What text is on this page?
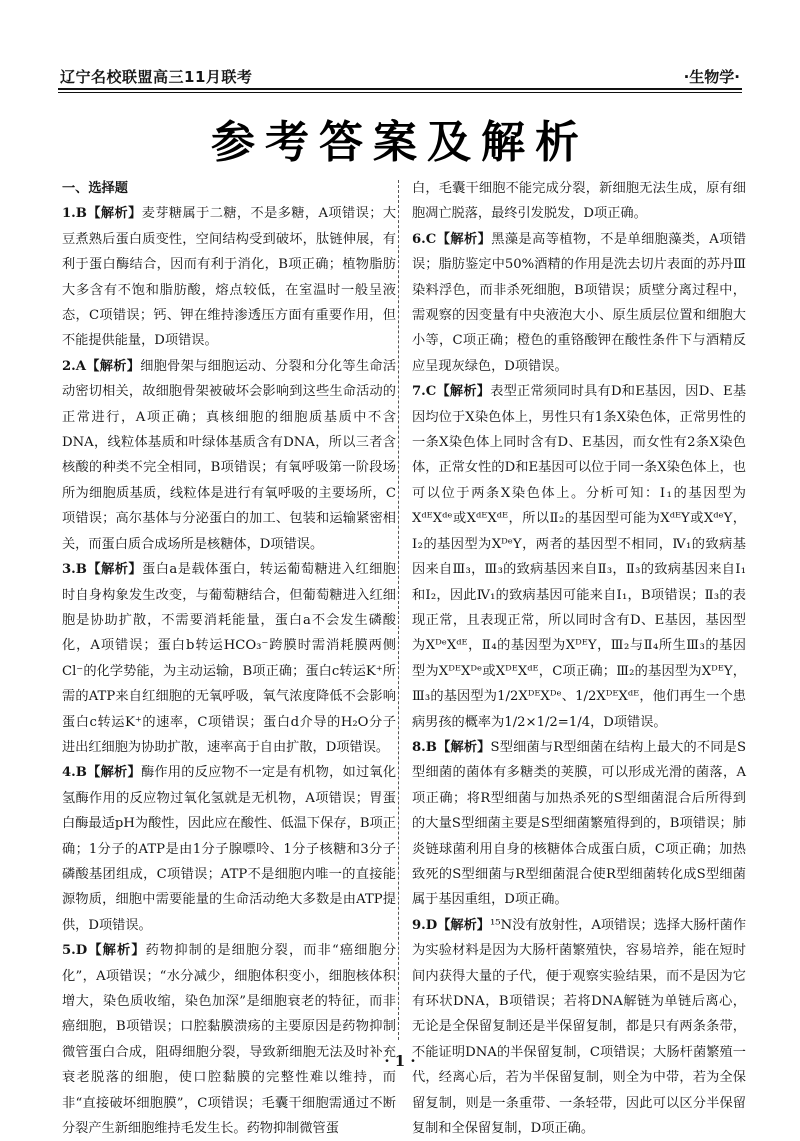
辽宁名校联盟高三11月联考	·生物学·
参考答案及解析
一、选择题

1.B【解析】麦芽糖属于二糖，不是多糖，A项错误；大豆煮熟后蛋白质变性，空间结构受到破坏，肽链伸展，有利于蛋白酶结合，因而有利于消化，B项正确；植物脂肪大多含有不饱和脂肪酸，熔点较低，在室温时一般呈液态，C项错误；钙、钾在维持渗透压方面有重要作用，但不能提供能量，D项错误。

2.A【解析】细胞骨架与细胞运动、分裂和分化等生命活动密切相关，故细胞骨架被破坏会影响到这些生命活动的正常进行，A项正确；真核细胞的细胞质基质中不含DNA，线粒体基质和叶绿体基质含有DNA，所以三者含核酸的种类不完全相同，B项错误；有氧呼吸第一阶段场所为细胞质基质，线粒体是进行有氧呼吸的主要场所，C项错误；高尔基体与分泌蛋白的加工、包装和运输紧密相关，而蛋白质合成场所是核糖体，D项错误。

3.B【解析】蛋白a是载体蛋白，转运葡萄糖进入红细胞时自身构象发生改变，与葡萄糖结合，但葡萄糖进入红细胞是协助扩散，不需要消耗能量，蛋白a不会发生磷酸化，A项错误；蛋白b转运HCO₃⁻跨膜时需消耗膜两侧Cl⁻的化学势能，为主动运输，B项正确；蛋白c转运K⁺所需的ATP来自红细胞的无氧呼吸，氧气浓度降低不会影响蛋白c转运K⁺的速率，C项错误；蛋白d介导的H₂O分子进出红细胞为协助扩散，速率高于自由扩散，D项错误。

4.B【解析】酶作用的反应物不一定是有机物，如过氧化氢酶作用的反应物过氧化氢就是无机物，A项错误；胃蛋白酶最适pH为酸性，因此应在酸性、低温下保存，B项正确；1分子的ATP是由1分子腺嘌呤、1分子核糖和3分子磷酸基团组成，C项错误；ATP不是细胞内唯一的直接能源物质，细胞中需要能量的生命活动绝大多数是由ATP提供，D项错误。

5.D【解析】药物抑制的是细胞分裂，而非“癌细胞分化”，A项错误；“水分减少，细胞体积变小，细胞核体积增大，染色质收缩，染色加深”是细胞衰老的特征，而非癌细胞，B项错误；口腔黏膜溃疡的主要原因是药物抑制微管蛋白合成，阻碍细胞分裂，导致新细胞无法及时补充衰老脱落的细胞，使口腔黏膜的完整性难以维持，而非“直接破坏细胞膜”，C项错误；毛囊干细胞需通过不断分裂产生新细胞维持毛发生长。药物抑制微管蛋

白，毛囊干细胞不能完成分裂，新细胞无法生成，原有细胞凋亡脱落，最终引发脱发，D项正确。

6.C【解析】黑藻是高等植物，不是单细胞藻类，A项错误；脂肪鉴定中50%酒精的作用是洗去切片表面的苏丹Ⅲ染料浮色，而非杀死细胞，B项错误；质壁分离过程中，需观察的因变量有中央液泡大小、原生质层位置和细胞大小等，C项正确；橙色的重铬酸钾在酸性条件下与酒精反应呈现灰绿色，D项错误。

7.C【解析】表型正常须同时具有D和E基因，因D、E基因均位于X染色体上，男性只有1条X染色体，正常男性的一条X染色体上同时含有D、E基因，而女性有2条X染色体，正常女性的D和E基因可以位于同一条X染色体上，也可以位于两条X染色体上。分析可知：Ⅰ₁的基因型为XᵈᴱXᵈᵉ或XᵈᴱXᵈᴱ，所以Ⅱ₂的基因型可能为XᵈᴱY或XᵈᵉY，Ⅰ₂的基因型为XᴰᵉY，两者的基因型不相同，Ⅳ₁的致病基因来自Ⅲ₃，Ⅲ₃的致病基因来自Ⅱ₃，Ⅱ₃的致病基因来自Ⅰ₁和Ⅰ₂，因此Ⅳ₁的致病基因可能来自Ⅰ₁，B项错误；Ⅱ₃的表现正常，且表现正常，所以同时含有D、E基因，基因型为XᴰᵉXᵈᴱ，Ⅱ₄的基因型为XᴰᴱY，Ⅲ₂与Ⅱ₄所生Ⅲ₃的基因型为XᴰᴱXᴰᵉ或XᴰᴱXᵈᴱ，C项正确；Ⅲ₂的基因型为XᴰᴱY，Ⅲ₃的基因型为1/2XᴰᴱXᴰᵉ、1/2XᴰᴱXᵈᴱ，他们再生一个患病男孩的概率为1/2×1/2=1/4，D项错误。

8.B【解析】S型细菌与R型细菌在结构上最大的不同是S型细菌的菌体有多糖类的荚膜，可以形成光滑的菌落，A项正确；将R型细菌与加热杀死的S型细菌混合后所得到的大量S型细菌主要是S型细菌繁殖得到的，B项错误；肺炎链球菌利用自身的核糖体合成蛋白质，C项正确；加热致死的S型细菌与R型细菌混合使R型细菌转化成S型细菌属于基因重组，D项正确。

9.D【解析】¹⁵N没有放射性，A项错误；选择大肠杆菌作为实验材料是因为大肠杆菌繁殖快，容易培养，能在短时间内获得大量的子代，便于观察实验结果，而不是因为它有环状DNA，B项错误；若将DNA解链为单链后离心，无论是全保留复制还是半保留复制，都是只有两条条带，不能证明DNA的半保留复制，C项错误；大肠杆菌繁殖一代，经离心后，若为半保留复制，则全为中带，若为全保留复制，则是一条重带、一条轻带，因此可以区分半保留复制和全保留复制，D项正确。

· 1 ·
